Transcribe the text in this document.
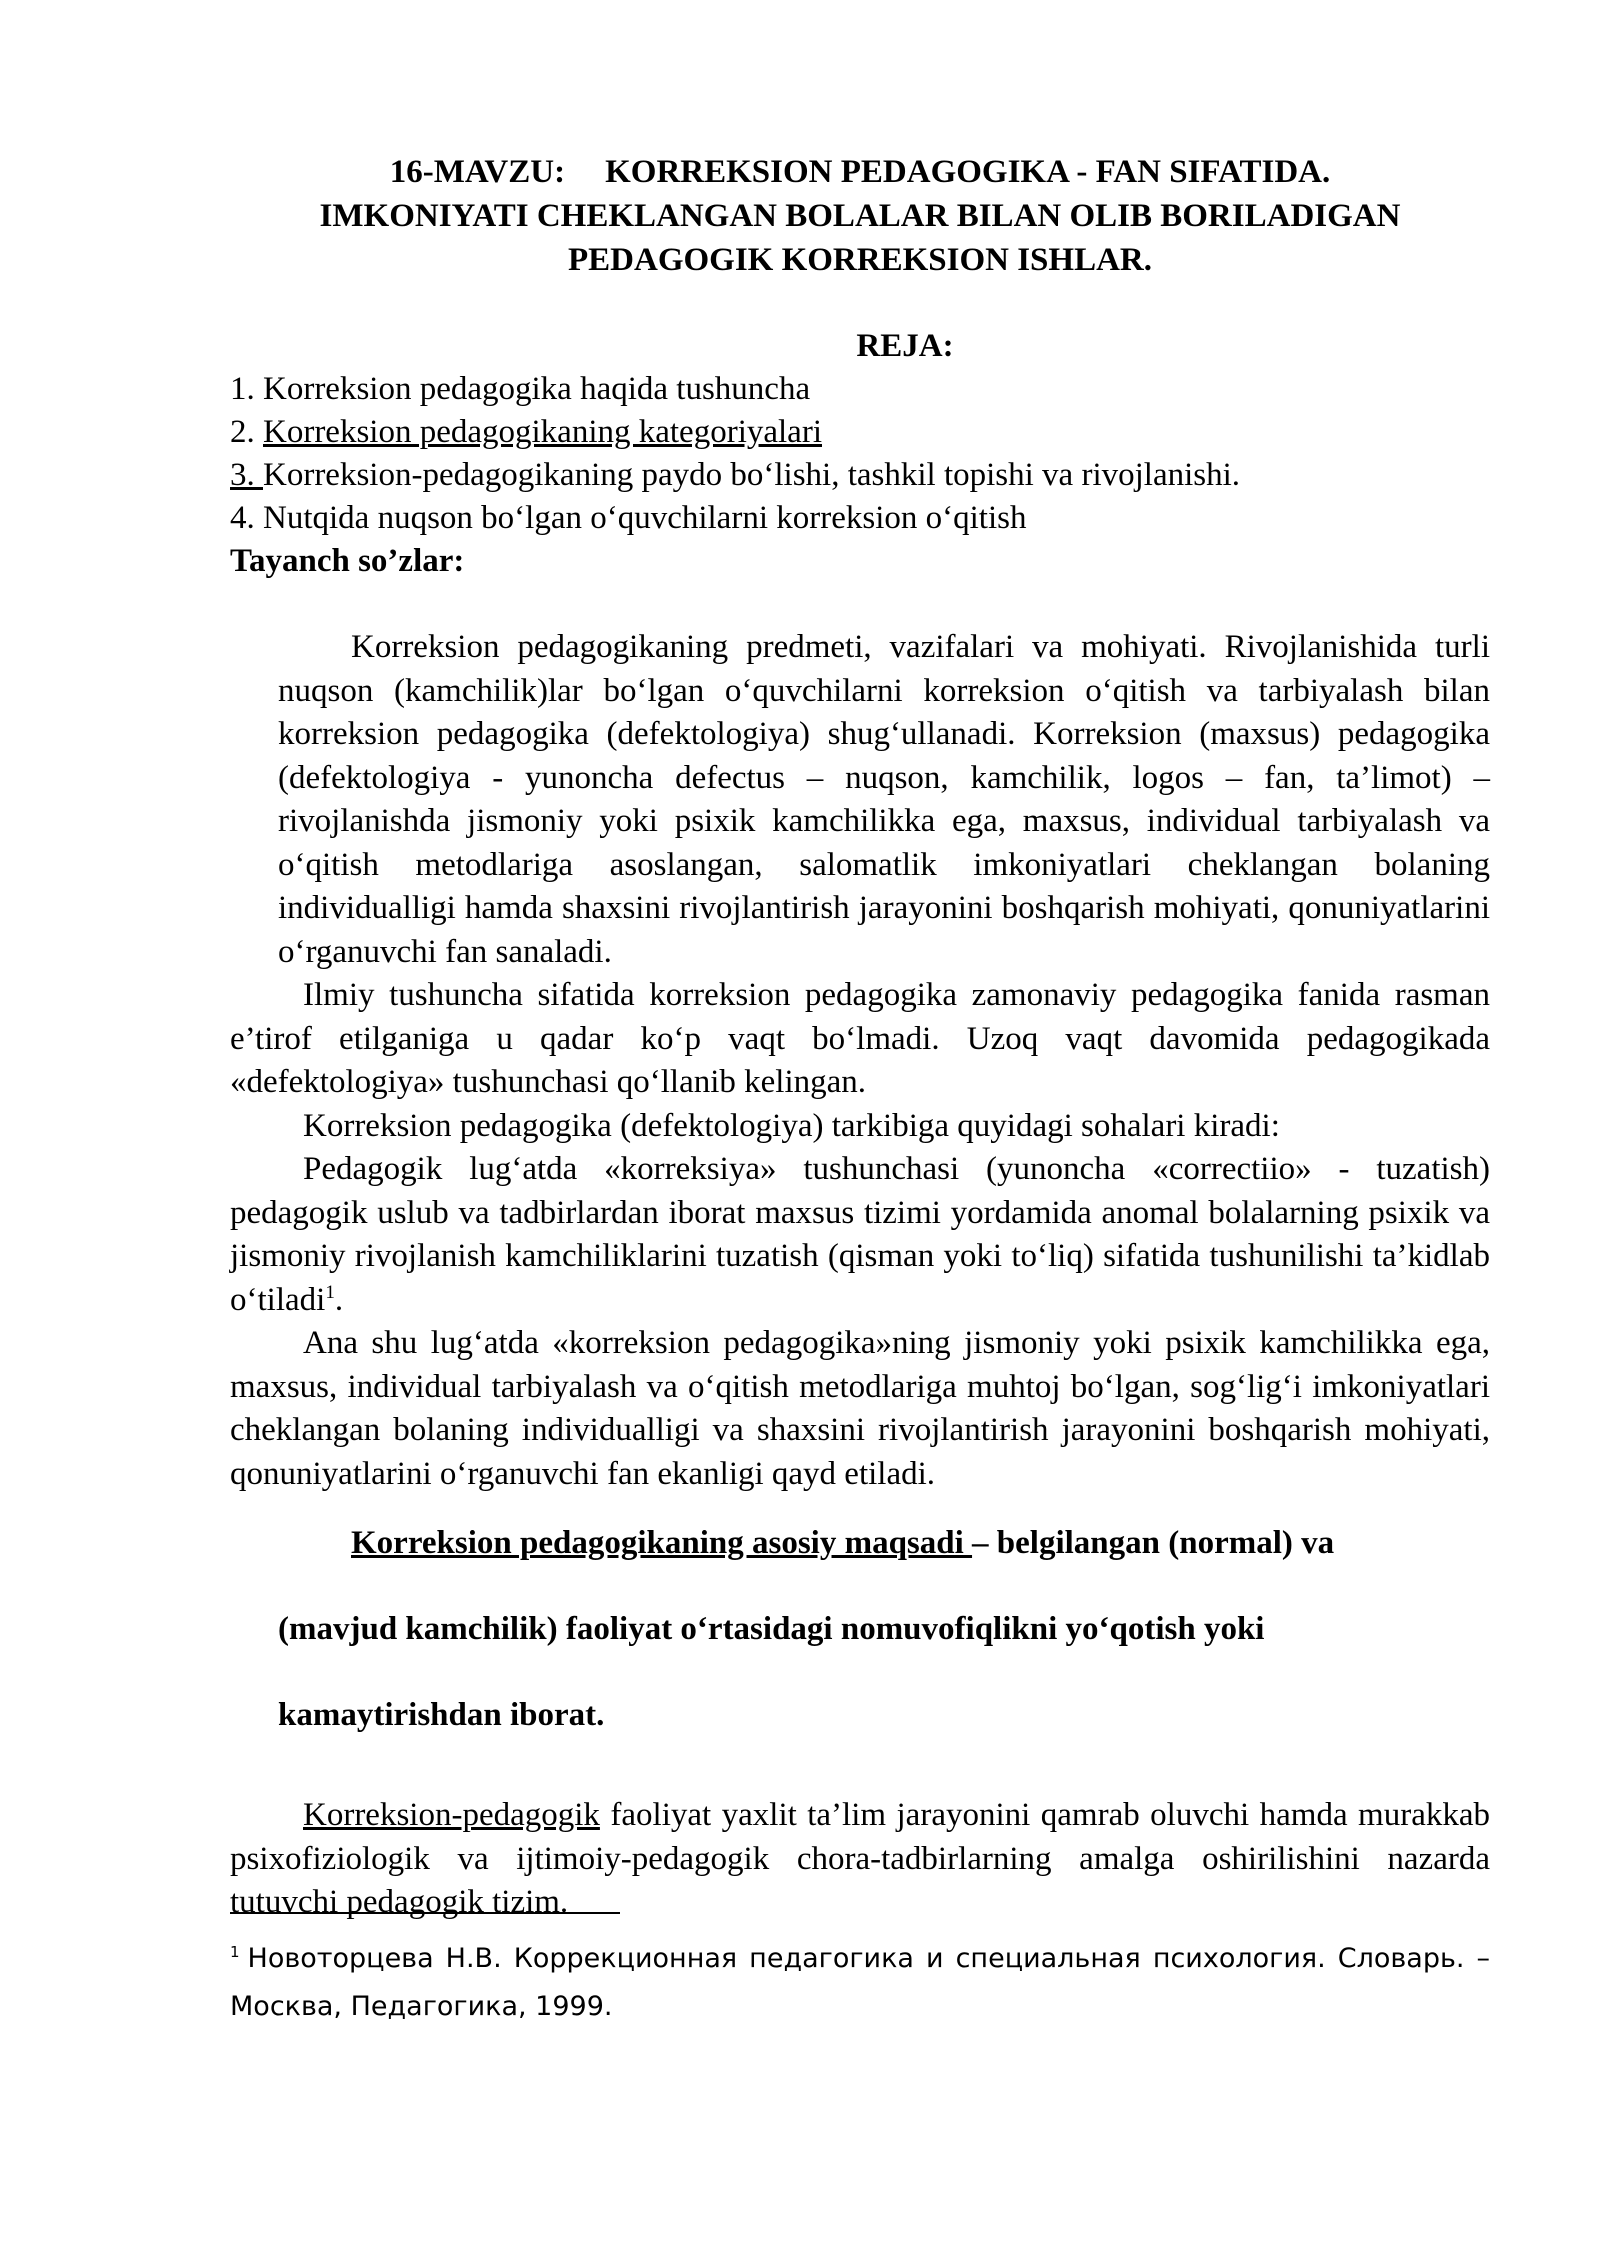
16-MAVZU: KORREKSION PEDAGOGIKA - FAN SIFATIDA.
IMKONIYATI CHEKLANGAN BOLALAR BILAN OLIB BORILADIGAN
PEDAGOGIK KORREKSION ISHLAR.
REJA:
1. Korreksion pedagogika haqida tushuncha
2. Korreksion pedagogikaning kategoriyalari
3. Korreksion-pedagogikaning paydo bo‘lishi, tashkil topishi va rivojlanishi.
4. Nutqida nuqson bo‘lgan o‘quvchilarni korreksion o‘qitish
Tayanch so’zlar:

Korreksion pedagogikaning predmeti, vazifalari va mohiyati. Rivojlanishida turli nuqson (kamchilik)lar bo‘lgan o‘quvchilarni korreksion o‘qitish va tarbiyalash bilan korreksion pedagogika (defektologiya) shug‘ullanadi. Korreksion (maxsus) pedagogika (defektologiya - yunoncha defectus – nuqson, kamchilik, logos – fan, ta’limot) – rivojlanishda jismoniy yoki psixik kamchilikka ega, maxsus, individual tarbiyalash va o‘qitish metodlariga asoslangan, salomatlik imkoniyatlari cheklangan bolaning individualligi hamda shaxsini rivojlantirish jarayonini boshqarish mohiyati, qonuniyatlarini o‘rganuvchi fan sanaladi.

Ilmiy tushuncha sifatida korreksion pedagogika zamonaviy pedagogika fanida rasman e’tirof etilganiga u qadar ko‘p vaqt bo‘lmadi. Uzoq vaqt davomida pedagogikada «defektologiya» tushunchasi qo‘llanib kelingan.

Korreksion pedagogika (defektologiya) tarkibiga quyidagi sohalari kiradi:

Pedagogik lug‘atda «korreksiya» tushunchasi (yunoncha «correctiio» - tuzatish) pedagogik uslub va tadbirlardan iborat maxsus tizimi yordamida anomal bolalarning psixik va jismoniy rivojlanish kamchiliklarini tuzatish (qisman yoki to‘liq) sifatida tushunilishi ta’kidlab o‘tiladi$^1$.

Ana shu lug‘atda «korreksion pedagogika»ning jismoniy yoki psixik kamchilikka ega, maxsus, individual tarbiyalash va o‘qitish metodlariga muhtoj bo‘lgan, sog‘lig‘i imkoniyatlari cheklangan bolaning individualligi va shaxsini rivojlantirish jarayonini boshqarish mohiyati, qonuniyatlarini o‘rganuvchi fan ekanligi qayd etiladi.

Korreksion pedagogikaning asosiy maqsadi – belgilangan (normal) va
(mavjud kamchilik) faoliyat o‘rtasidagi nomuvofiqlikni yo‘qotish yoki
kamaytirishdan iborat.

Korreksion-pedagogik faoliyat yaxlit ta’lim jarayonini qamrab oluvchi hamda murakkab psixofiziologik va ijtimoiy-pedagogik chora-tadbirlarning amalga oshirilishini nazarda tutuvchi pedagogik tizim.

$^1$ Новоторцева Н.В. Коррекционная педагогика и специальная психология. Словарь. – Москва, Педагогика, 1999.
